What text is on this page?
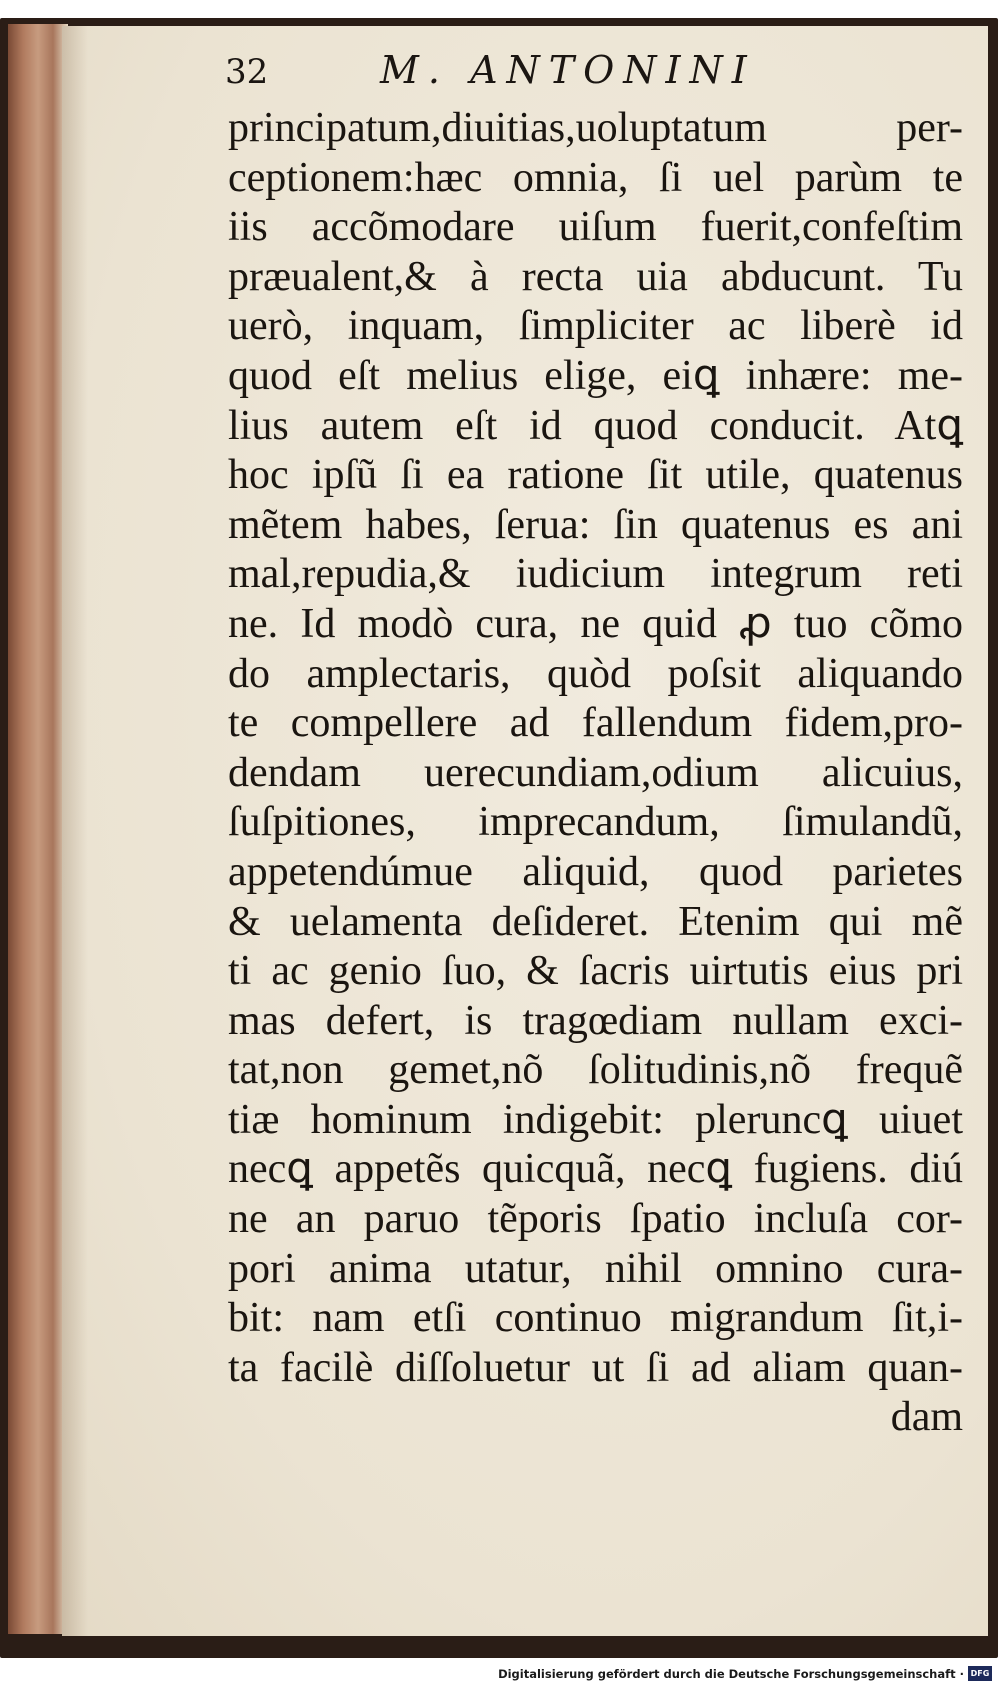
32	M. ANTONINI
principatum,diuitias,uoluptatum per-
ceptionem:hæc omnia, ſi uel parùm te
iis accõmodare uiſum fuerit,confeſtim
præualent,& à recta uia abducunt. Tu
uerò, inquam, ſimpliciter ac liberè id
quod eſt melius elige, eiꝗ inhære: me-
lius autem eſt id quod conducit. Atꝗ
hoc ipſũ ſi ea ratione ſit utile, quatenus
mẽtem habes, ſerua: ſin quatenus es ani
mal,repudia,& iudicium integrum reti
ne. Id modò cura, ne quid ꝓ tuo cõmo
do amplectaris, quòd poſsit aliquando
te compellere ad fallendum fidem,pro-
dendam uerecundiam,odium alicuius,
ſuſpitiones, imprecandum, ſimulandũ,
appetendúmue aliquid, quod parietes
& uelamenta deſideret. Etenim qui mẽ
ti ac genio ſuo, & ſacris uirtutis eius pri
mas defert, is tragœdiam nullam exci-
tat,non gemet,nõ ſolitudinis,nõ frequẽ
tiæ hominum indigebit: pleruncꝗ uiuet
necꝗ appetẽs quicquã, necꝗ fugiens. diú
ne an paruo tẽporis ſpatio incluſa cor-
pori anima utatur, nihil omnino cura-
bit: nam etſi continuo migrandum ſit,i-
ta facilè diſſoluetur ut ſi ad aliam quan-
dam
Digitalisierung gefördert durch die Deutsche Forschungsgemeinschaft · DFG
